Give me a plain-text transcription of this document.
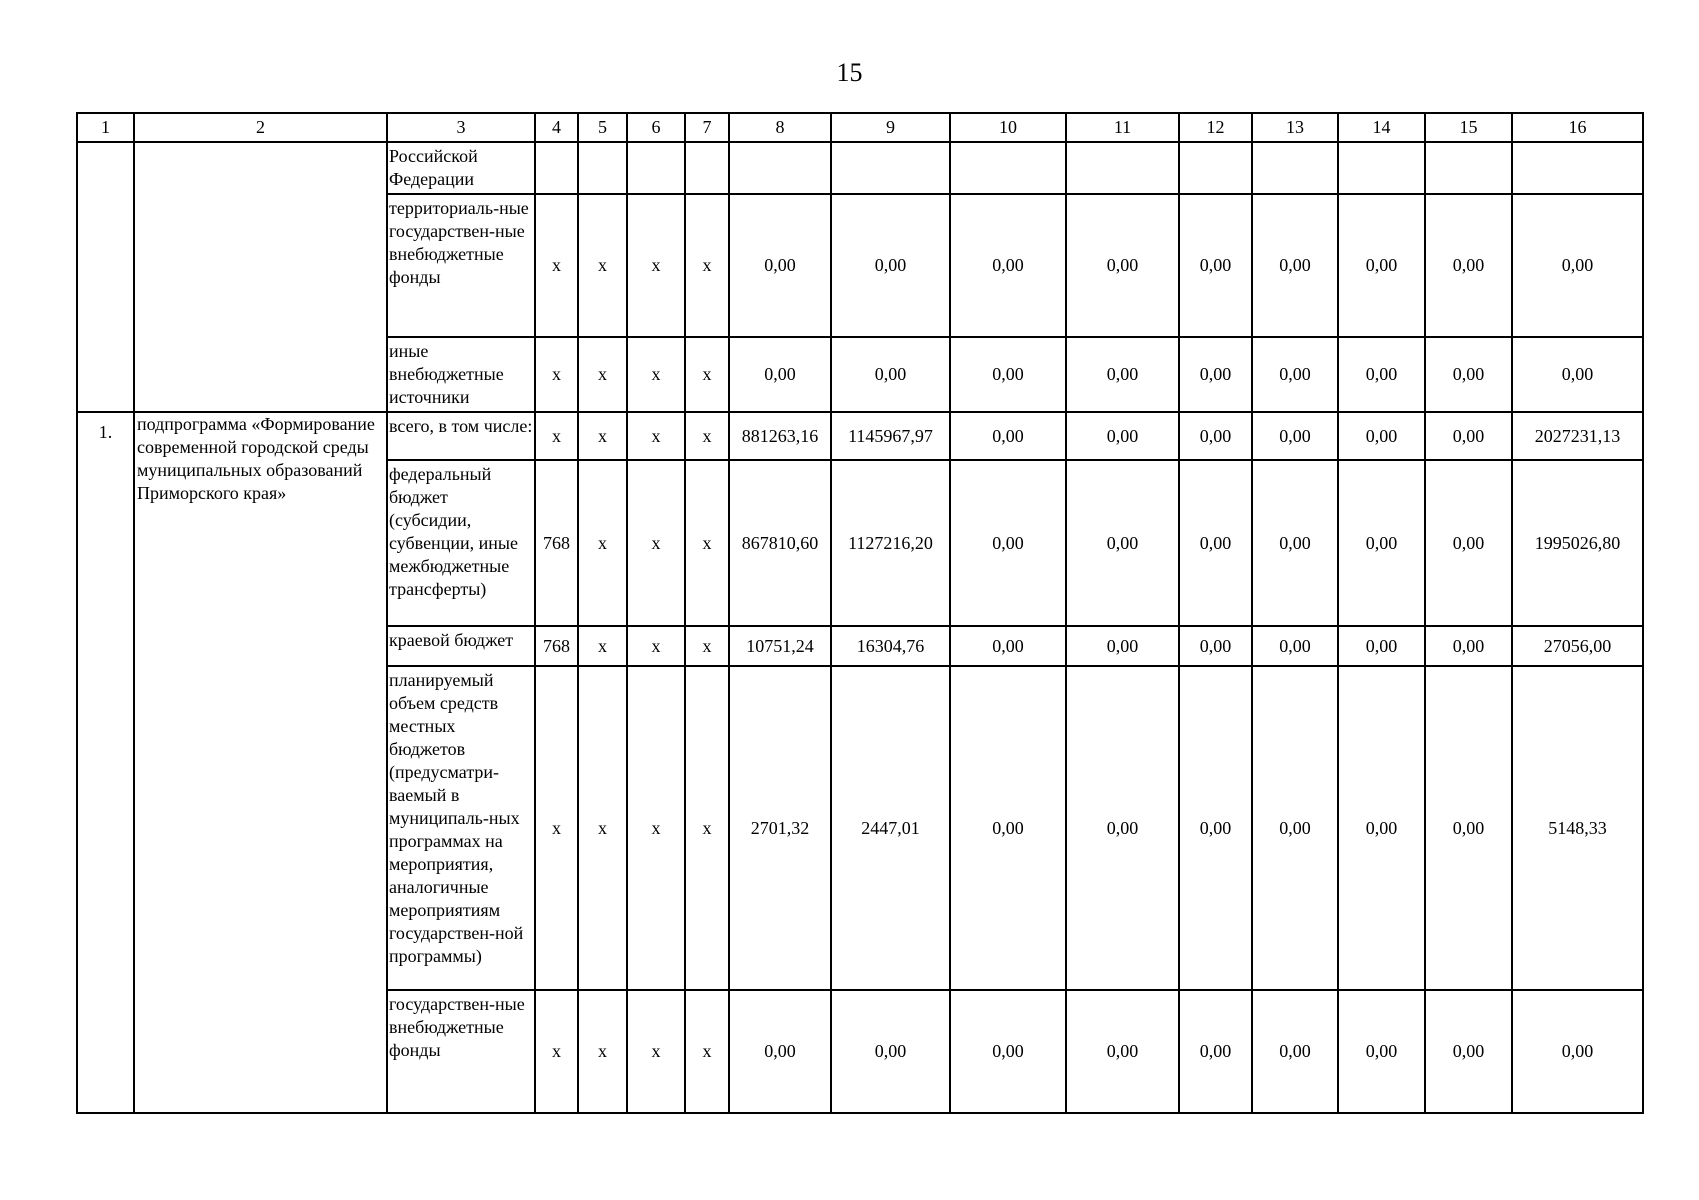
15
1	2	3	4	5	6	7	8	9	10	11	12	13	14	15	16
		Российской Федерации													
		территориаль-ные государствен-ные внебюджетные фонды	x	x	x	x	0,00	0,00	0,00	0,00	0,00	0,00	0,00	0,00	0,00
		иные внебюджетные источники	x	x	x	x	0,00	0,00	0,00	0,00	0,00	0,00	0,00	0,00	0,00
1.	подпрограмма «Формирование современной городской среды муниципальных образований Приморского края»	всего, в том числе:	x	x	x	x	881263,16	1145967,97	0,00	0,00	0,00	0,00	0,00	0,00	2027231,13
		федеральный бюджет (субсидии, субвенции, иные межбюджетные трансферты)	768	x	x	x	867810,60	1127216,20	0,00	0,00	0,00	0,00	0,00	0,00	1995026,80
		краевой бюджет	768	x	x	x	10751,24	16304,76	0,00	0,00	0,00	0,00	0,00	0,00	27056,00
		планируемый объем средств местных бюджетов (предусматри-ваемый в муниципаль-ных программах на мероприятия, аналогичные мероприятиям государствен-ной программы)	x	x	x	x	2701,32	2447,01	0,00	0,00	0,00	0,00	0,00	0,00	5148,33
		государствен-ные внебюджетные фонды	x	x	x	x	0,00	0,00	0,00	0,00	0,00	0,00	0,00	0,00	0,00
